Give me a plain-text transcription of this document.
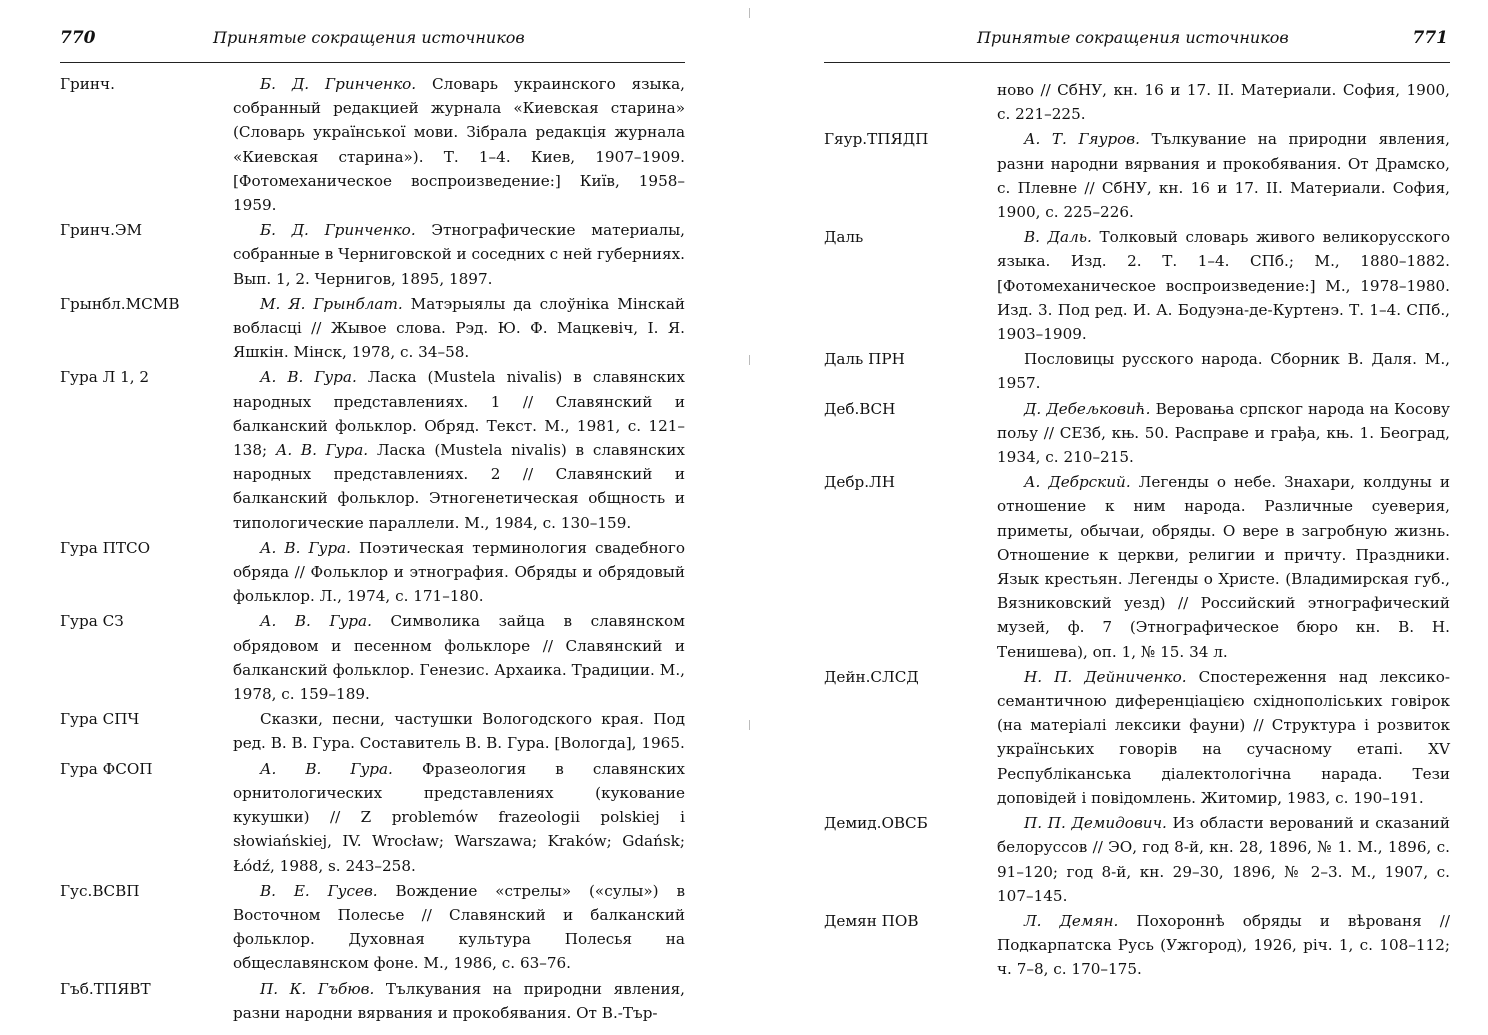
770	Принятые сокращения источников
Гринч.	Б. Д. Гринченко. Словарь украинского языка, собранный редакцией журнала «Киевская старина» (Словарь української мови. Зібрала редакція журнала «Киевская старина»). Т. 1–4. Киев, 1907–1909. [Фотомеханическое воспроизведение:] Київ, 1958–1959.
Гринч.ЭМ	Б. Д. Гринченко. Этнографические материалы, собранные в Черниговской и соседних с ней губерниях. Вып. 1, 2. Чернигов, 1895, 1897.
Грынбл.МСМВ	М. Я. Грынблат. Матэрыялы да слоўніка Мінскай вобласці // Жывое слова. Рэд. Ю. Ф. Мацкевіч, І. Я. Яшкін. Мінск, 1978, с. 34–58.
Гура Л 1, 2	А. В. Гура. Ласка (Mustela nivalis) в славянских народных представлениях. 1 // Славянский и балканский фольклор. Обряд. Текст. М., 1981, с. 121–138; А. В. Гура. Ласка (Mustela nivalis) в славянских народных представлениях. 2 // Славянский и балканский фольклор. Этногенетическая общность и типологические параллели. М., 1984, с. 130–159.
Гура ПТСО	А. В. Гура. Поэтическая терминология свадебного обряда // Фольклор и этнография. Обряды и обрядовый фольклор. Л., 1974, с. 171–180.
Гура СЗ	А. В. Гура. Символика зайца в славянском обрядовом и песенном фольклоре // Славянский и балканский фольклор. Генезис. Архаика. Традиции. М., 1978, с. 159–189.
Гура СПЧ	Сказки, песни, частушки Вологодского края. Под ред. В. В. Гура. Составитель В. В. Гура. [Вологда], 1965.
Гура ФСОП	А. В. Гура. Фразеология в славянских орнитологических представлениях (кукование кукушки) // Z problemów frazeologii polskiej i słowiańskiej, IV. Wrocław; Warszawa; Kraków; Gdańsk; Łódź, 1988, s. 243–258.
Гус.ВСВП	В. Е. Гусев. Вождение «стрелы» («сулы») в Восточном Полесье // Славянский и балканский фольклор. Духовная культура Полесья на общеславянском фоне. М., 1986, с. 63–76.
Гъб.ТПЯВТ	П. К. Гъбюв. Тълкувания на природни явления, разни народни вярвания и прокобявания. От В.-Тър-
Принятые сокращения источников	771
ново // СбНУ, кн. 16 и 17. II. Материали. София, 1900, с. 221–225.
Гяур.ТПЯДП	А. Т. Гяуров. Тълкувание на природни явления, разни народни вярвания и прокобявания. От Драмско, с. Плевне // СбНУ, кн. 16 и 17. II. Материали. София, 1900, с. 225–226.
Даль	В. Даль. Толковый словарь живого великорусского языка. Изд. 2. Т. 1–4. СПб.; М., 1880–1882. [Фотомеханическое воспроизведение:] М., 1978–1980. Изд. 3. Под ред. И. А. Бодуэна-де-Куртенэ. Т. 1–4. СПб., 1903–1909.
Даль ПРН	Пословицы русского народа. Сборник В. Даля. М., 1957.
Деб.ВСН	Д. Дебељковић. Веровања српског народа на Косову пољу // СЕЗб, књ. 50. Расправе и грађа, књ. 1. Београд, 1934, с. 210–215.
Дебр.ЛН	А. Дебрский. Легенды о небе. Знахари, колдуны и отношение к ним народа. Различные суеверия, приметы, обычаи, обряды. О вере в загробную жизнь. Отношение к церкви, религии и причту. Праздники. Язык крестьян. Легенды о Христе. (Владимирская губ., Вязниковский уезд) // Российский этнографический музей, ф. 7 (Этнографическое бюро кн. В. Н. Тенишева), оп. 1, № 15. 34 л.
Дейн.СЛСД	Н. П. Дейниченко. Спостереження над лексико-семантичною диференціацією східнополіських говірок (на матеріалі лексики фауни) // Структура і розвиток українських говорів на сучасному етапі. XV Республіканська діалектологічна нарада. Тези доповідей і повідомлень. Житомир, 1983, с. 190–191.
Демид.ОВСБ	П. П. Демидович. Из области верований и сказаний белоруссов // ЭО, год 8-й, кн. 28, 1896, № 1. М., 1896, с. 91–120; год 8-й, кн. 29–30, 1896, № 2–3. М., 1907, с. 107–145.
Демян ПОВ	Л. Демян. Похороннѣ обряды и вѣрованя // Подкарпатска Русь (Ужгород), 1926, річ. 1, с. 108–112; ч. 7–8, с. 170–175.
